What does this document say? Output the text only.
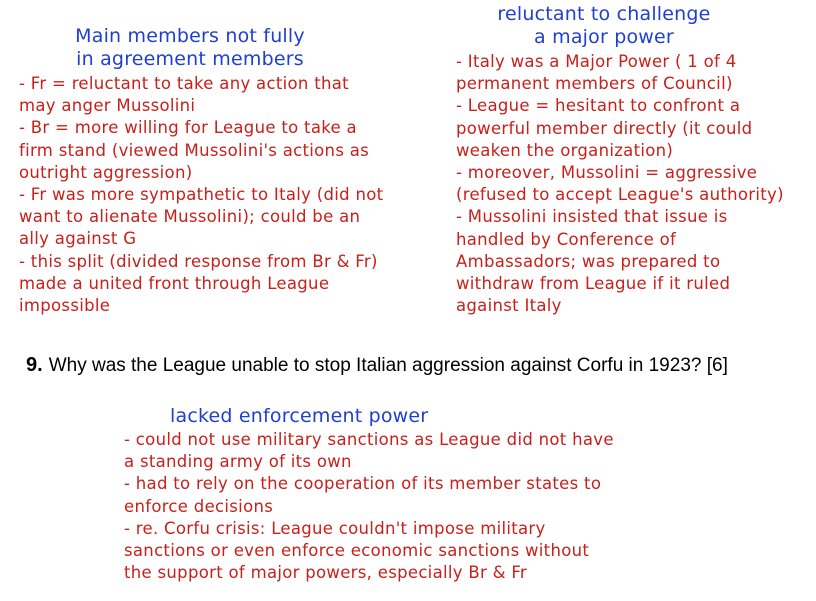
Main members not fully
in agreement members
- Fr = reluctant to take any action that
may anger Mussolini
- Br = more willing for League to take a
firm stand (viewed Mussolini's actions as
outright aggression)
- Fr was more sympathetic to Italy (did not
want to alienate Mussolini); could be an
ally against G
- this split (divided response from Br & Fr)
made a united front through League
impossible
reluctant to challenge
a major power
- Italy was a Major Power ( 1 of 4
permanent members of Council)
- League = hesitant to confront a
powerful member directly (it could
weaken the organization)
- moreover, Mussolini = aggressive
(refused to accept League's authority)
- Mussolini insisted that issue is
handled by Conference of
Ambassadors; was prepared to
withdraw from League if it ruled
against Italy
9. Why was the League unable to stop Italian aggression against Corfu in 1923? [6]
lacked enforcement power
- could not use military sanctions as League did not have
a standing army of its own
- had to rely on the cooperation of its member states to
enforce decisions
- re. Corfu crisis: League couldn't impose military
sanctions or even enforce economic sanctions without
the support of major powers, especially Br & Fr
